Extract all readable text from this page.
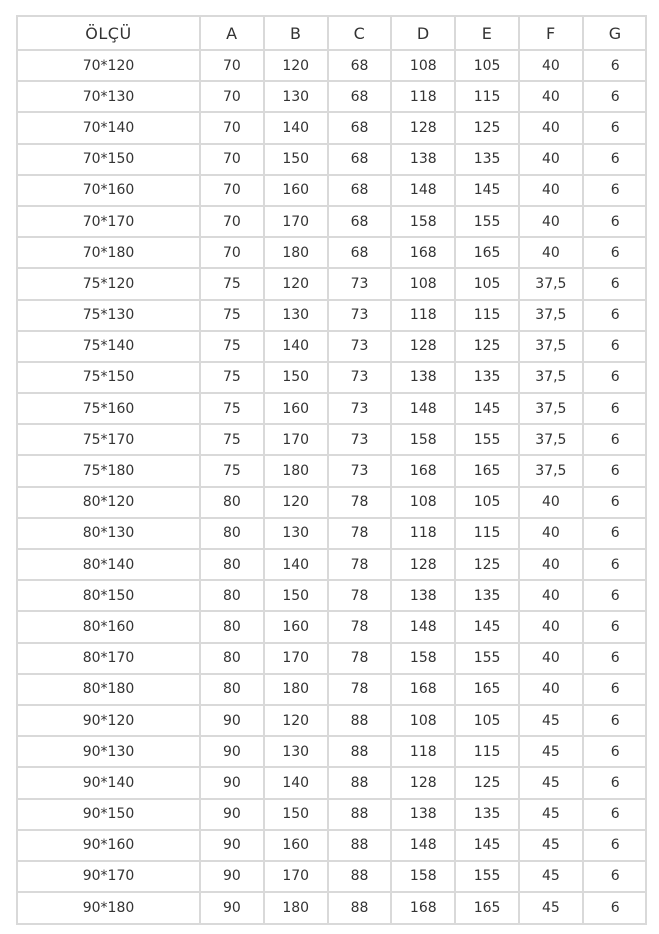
ÖLÇÜ	A	B	C	D	E	F	G
70*120	70	120	68	108	105	40	6
70*130	70	130	68	118	115	40	6
70*140	70	140	68	128	125	40	6
70*150	70	150	68	138	135	40	6
70*160	70	160	68	148	145	40	6
70*170	70	170	68	158	155	40	6
70*180	70	180	68	168	165	40	6
75*120	75	120	73	108	105	37,5	6
75*130	75	130	73	118	115	37,5	6
75*140	75	140	73	128	125	37,5	6
75*150	75	150	73	138	135	37,5	6
75*160	75	160	73	148	145	37,5	6
75*170	75	170	73	158	155	37,5	6
75*180	75	180	73	168	165	37,5	6
80*120	80	120	78	108	105	40	6
80*130	80	130	78	118	115	40	6
80*140	80	140	78	128	125	40	6
80*150	80	150	78	138	135	40	6
80*160	80	160	78	148	145	40	6
80*170	80	170	78	158	155	40	6
80*180	80	180	78	168	165	40	6
90*120	90	120	88	108	105	45	6
90*130	90	130	88	118	115	45	6
90*140	90	140	88	128	125	45	6
90*150	90	150	88	138	135	45	6
90*160	90	160	88	148	145	45	6
90*170	90	170	88	158	155	45	6
90*180	90	180	88	168	165	45	6
